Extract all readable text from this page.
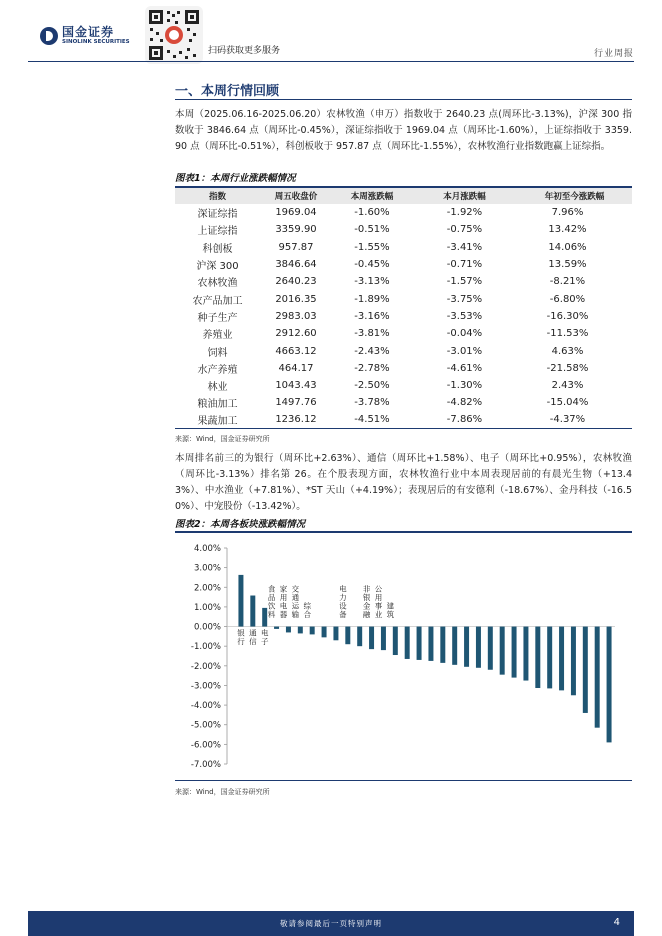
国金证券
SINOLINK SECURITIES
扫码获取更多服务	行业周报
一、本周行情回顾
本周（2025.06.16-2025.06.20）农林牧渔（申万）指数收于 2640.23 点(周环比-3.13%)，沪深 300 指数收于 3846.64 点（周环比-0.45%），深证综指收于 1969.04 点（周环比-1.60%），上证综指收于 3359.90 点（周环比-0.51%），科创板收于 957.87 点（周环比-1.55%），农林牧渔行业指数跑赢上证综指。
图表1：本周行业涨跌幅情况
指数	周五收盘价	本周涨跌幅	本月涨跌幅	年初至今涨跌幅
深证综指	1969.04	-1.60%	-1.92%	7.96%
上证综指	3359.90	-0.51%	-0.75%	13.42%
科创板	957.87	-1.55%	-3.41%	14.06%
沪深 300	3846.64	-0.45%	-0.71%	13.59%
农林牧渔	2640.23	-3.13%	-1.57%	-8.21%
农产品加工	2016.35	-1.89%	-3.75%	-6.80%
种子生产	2983.03	-3.16%	-3.53%	-16.30%
养殖业	2912.60	-3.81%	-0.04%	-11.53%
饲料	4663.12	-2.43%	-3.01%	4.63%
水产养殖	464.17	-2.78%	-4.61%	-21.58%
林业	1043.43	-2.50%	-1.30%	2.43%
粮油加工	1497.76	-3.78%	-4.82%	-15.04%
果蔬加工	1236.12	-4.51%	-7.86%	-4.37%
来源：Wind，国金证券研究所
本周排名前三的为银行（周环比+2.63%）、通信（周环比+1.58%）、电子（周环比+0.95%），农林牧渔（周环比-3.13%）排名第 26。在个股表现方面，农林牧渔行业中本周表现居前的有晨光生物（+13.43%）、中水渔业（+7.81%）、*ST 天山（+4.19%）；表现居后的有安德利（-18.67%）、金丹科技（-16.50%）、中宠股份（-13.42%）。
图表2：本周各板块涨跌幅情况
4.00%
3.00%
2.00%
1.00%
0.00%
-1.00%
-2.00%
-3.00%
-4.00%
-5.00%
-6.00%
-7.00%
银行
通信
电子
食品饮料
家用电器
交通运输
综合
电力设备
非银金融
公用事业
建筑
来源：Wind，国金证券研究所
敬请参阅最后一页特别声明	4
